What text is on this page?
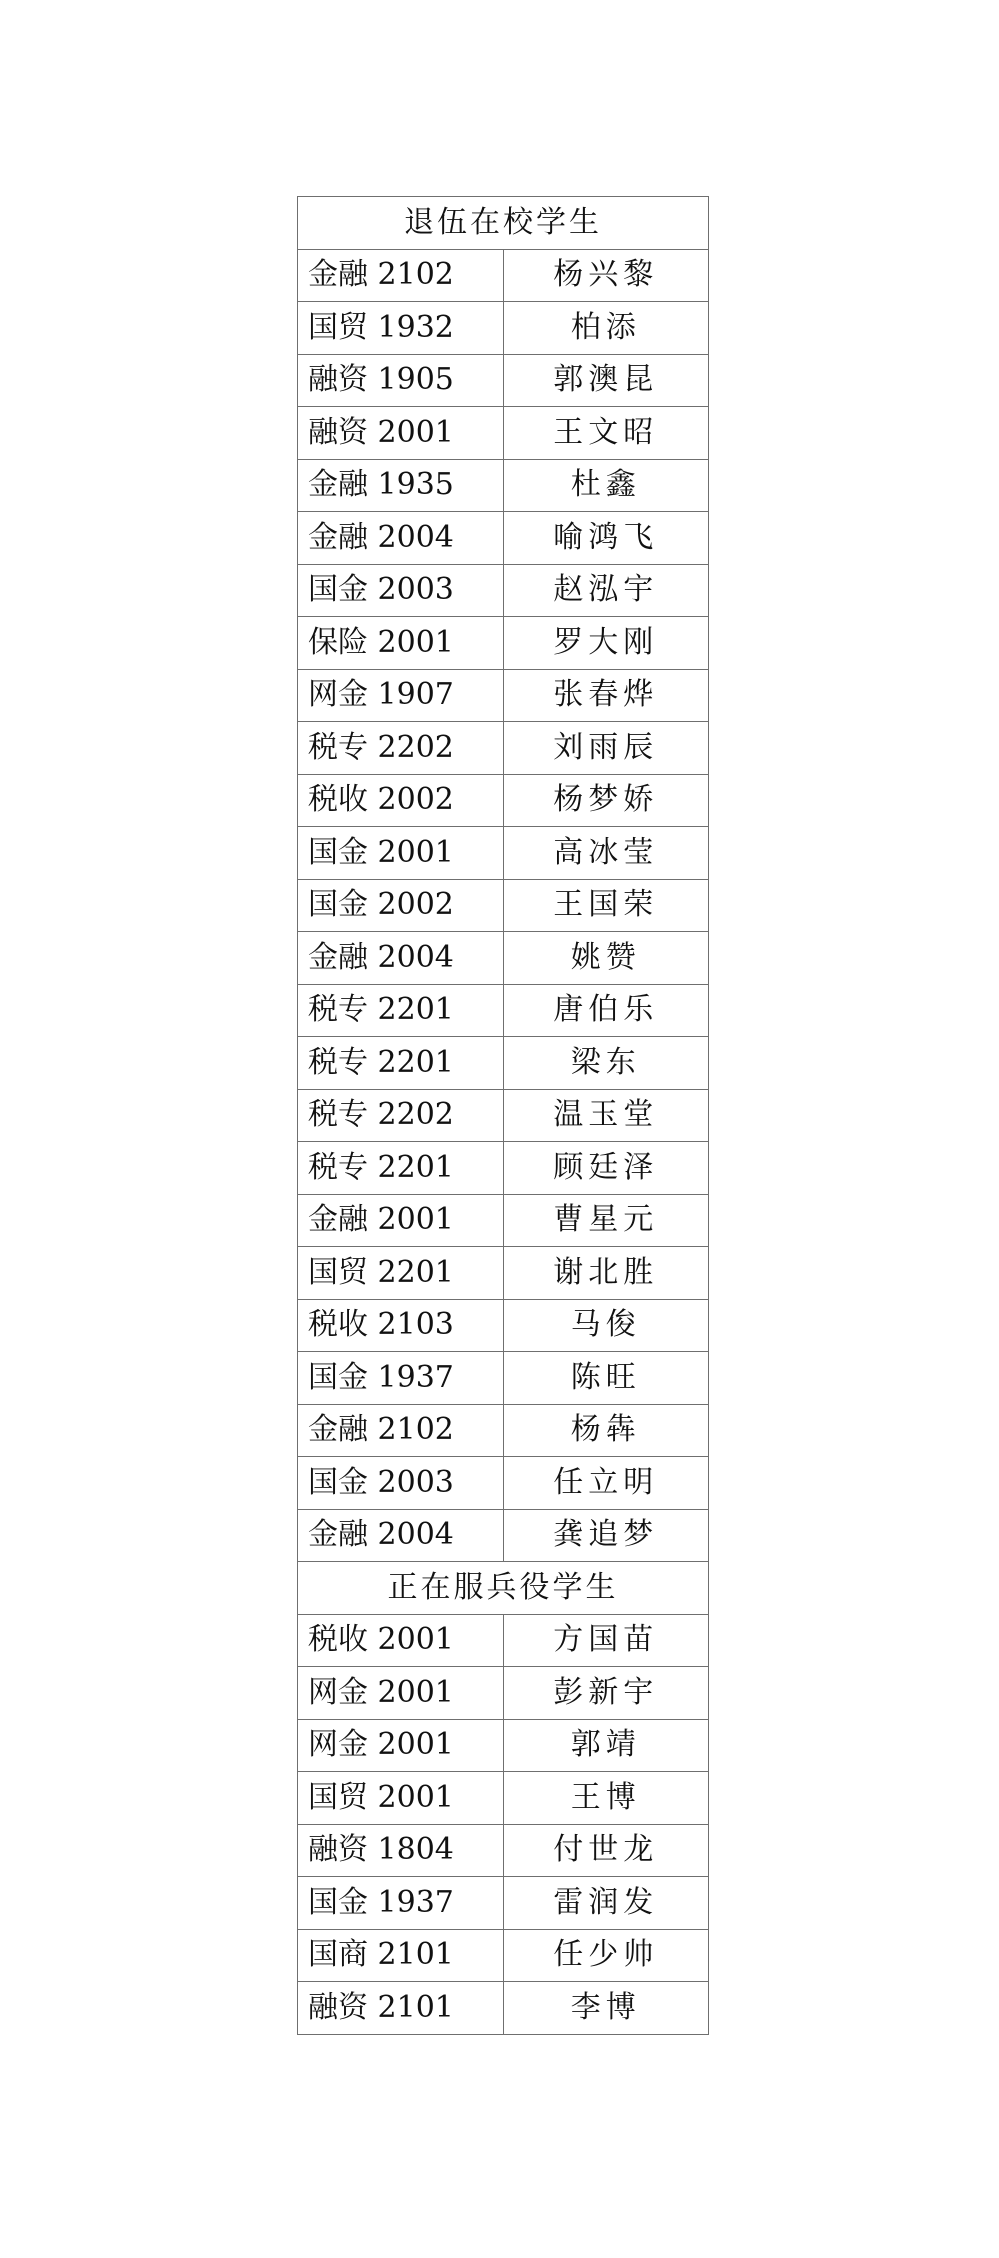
退伍在校学生	
金融 2102	杨兴黎
国贸 1932	柏添
融资 1905	郭澳昆
融资 2001	王文昭
金融 1935	杜鑫
金融 2004	喻鸿飞
国金 2003	赵泓宇
保险 2001	罗大刚
网金 1907	张春烨
税专 2202	刘雨辰
税收 2002	杨梦娇
国金 2001	高冰莹
国金 2002	王国荣
金融 2004	姚赞
税专 2201	唐伯乐
税专 2201	梁东
税专 2202	温玉堂
税专 2201	顾廷泽
金融 2001	曹星元
国贸 2201	谢北胜
税收 2103	马俊
国金 1937	陈旺
金融 2102	杨犇
国金 2003	任立明
金融 2004	龚追梦
正在服兵役学生	
税收 2001	方国苗
网金 2001	彭新宇
网金 2001	郭靖
国贸 2001	王博
融资 1804	付世龙
国金 1937	雷润发
国商 2101	任少帅
融资 2101	李博
